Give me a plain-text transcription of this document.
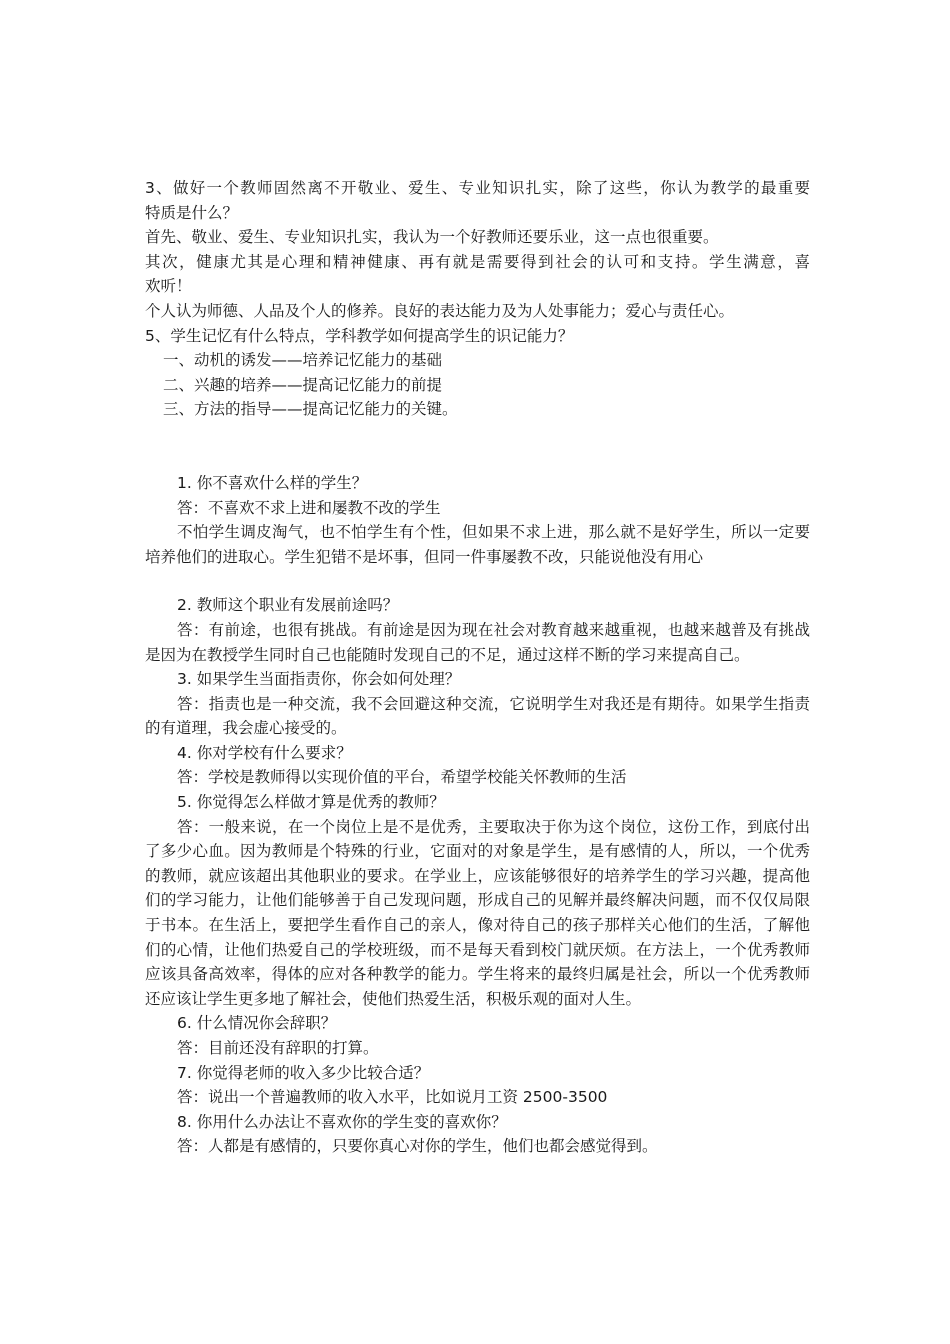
3、做好一个教师固然离不开敬业、爱生、专业知识扎实，除了这些，你认为教学的最重要
特质是什么？
首先、敬业、爱生、专业知识扎实，我认为一个好教师还要乐业，这一点也很重要。
其次，健康尤其是心理和精神健康、再有就是需要得到社会的认可和支持。学生满意，喜
欢听！
个人认为师德、人品及个人的修养。良好的表达能力及为人处事能力；爱心与责任心。
5、学生记忆有什么特点，学科教学如何提高学生的识记能力？
一、动机的诱发——培养记忆能力的基础
二、兴趣的培养——提高记忆能力的前提
三、方法的指导——提高记忆能力的关键。
1. 你不喜欢什么样的学生？
答：不喜欢不求上进和屡教不改的学生
不怕学生调皮淘气，也不怕学生有个性，但如果不求上进，那么就不是好学生，所以一定要培养他们的进取心。学生犯错不是坏事，但同一件事屡教不改，只能说他没有用心
2. 教师这个职业有发展前途吗？
答：有前途，也很有挑战。有前途是因为现在社会对教育越来越重视，也越来越普及有挑战是因为在教授学生同时自己也能随时发现自己的不足，通过这样不断的学习来提高自己。
3. 如果学生当面指责你，你会如何处理？
答：指责也是一种交流，我不会回避这种交流，它说明学生对我还是有期待。如果学生指责的有道理，我会虚心接受的。
4. 你对学校有什么要求？
答：学校是教师得以实现价值的平台，希望学校能关怀教师的生活
5. 你觉得怎么样做才算是优秀的教师？
答：一般来说，在一个岗位上是不是优秀，主要取决于你为这个岗位，这份工作，到底付出了多少心血。因为教师是个特殊的行业，它面对的对象是学生，是有感情的人，所以，一个优秀的教师，就应该超出其他职业的要求。在学业上，应该能够很好的培养学生的学习兴趣，提高他们的学习能力，让他们能够善于自己发现问题，形成自己的见解并最终解决问题，而不仅仅局限于书本。在生活上，要把学生看作自己的亲人，像对待自己的孩子那样关心他们的生活，了解他们的心情，让他们热爱自己的学校班级，而不是每天看到校门就厌烦。在方法上，一个优秀教师应该具备高效率，得体的应对各种教学的能力。学生将来的最终归属是社会，所以一个优秀教师还应该让学生更多地了解社会，使他们热爱生活，积极乐观的面对人生。
6. 什么情况你会辞职？
答：目前还没有辞职的打算。
7. 你觉得老师的收入多少比较合适？
答：说出一个普遍教师的收入水平，比如说月工资 2500-3500
8. 你用什么办法让不喜欢你的学生变的喜欢你？
答：人都是有感情的，只要你真心对你的学生，他们也都会感觉得到。
